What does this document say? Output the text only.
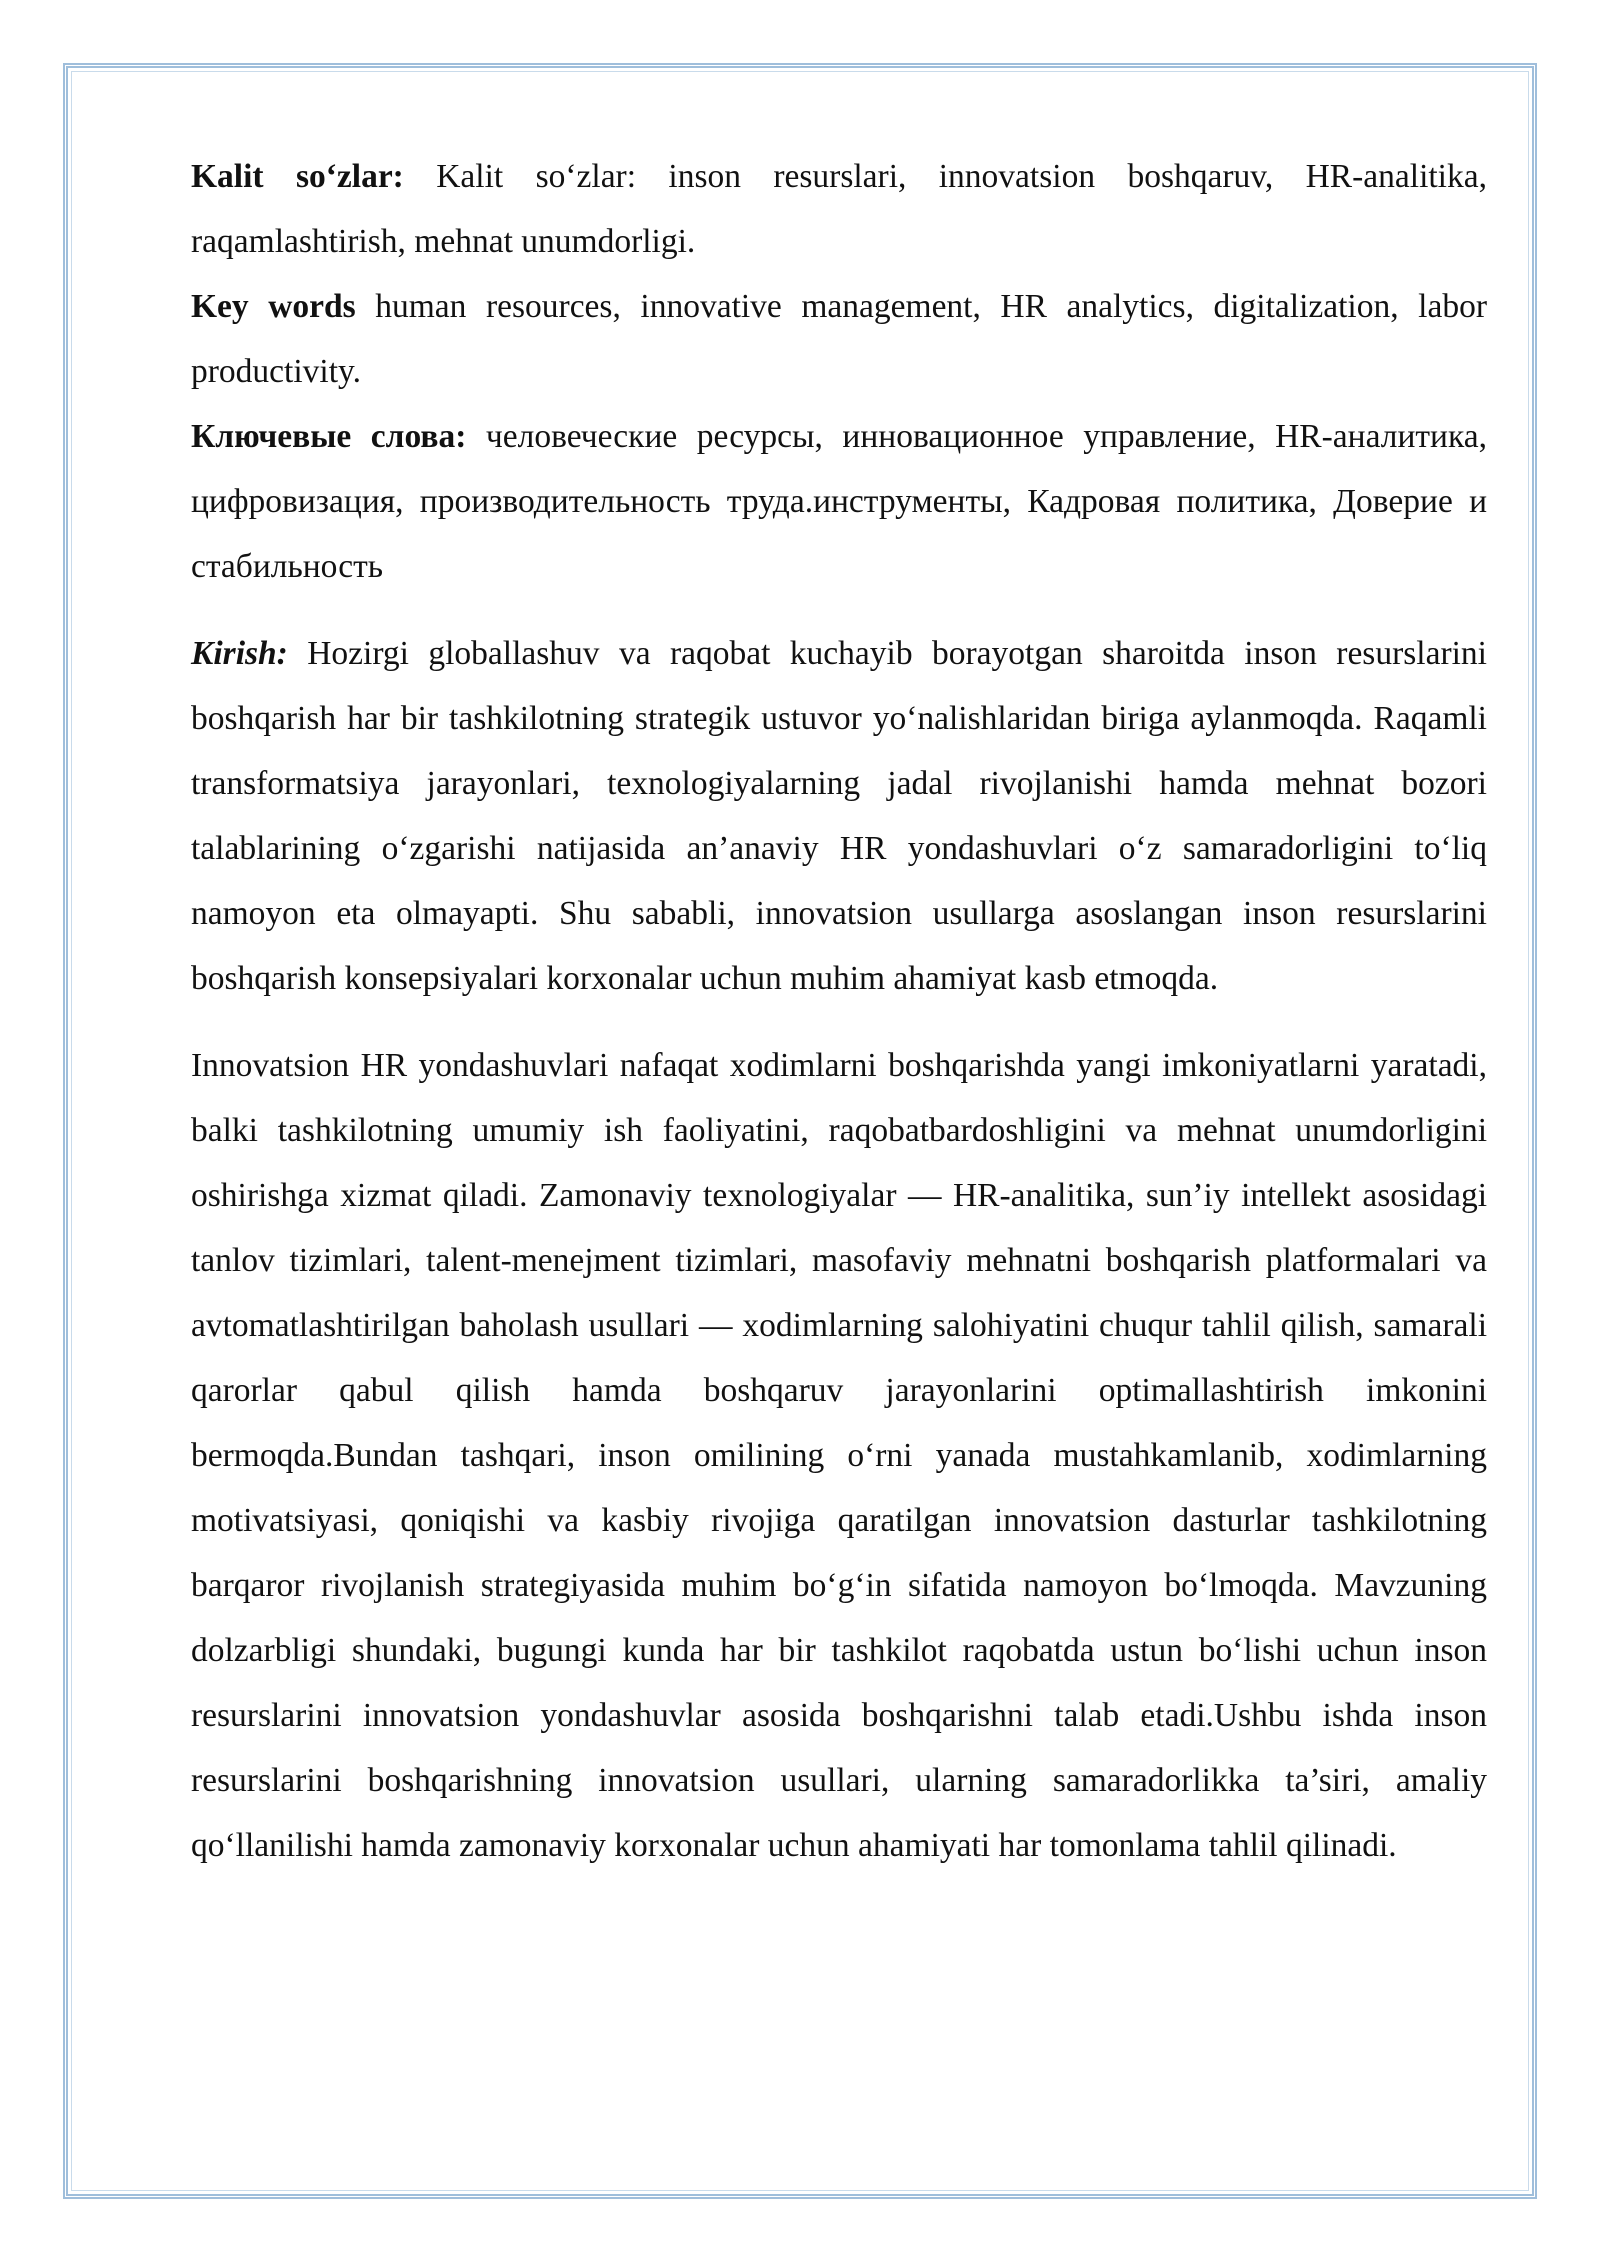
Kalit so‘zlar: Kalit so‘zlar: inson resurslari, innovatsion boshqaruv, HR-analitika, raqamlashtirish, mehnat unumdorligi.

Key words human resources, innovative management, HR analytics, digitalization, labor productivity.

Ключевые слова: человеческие ресурсы, инновационное управление, HR-аналитика, цифровизация, производительность труда.инструменты, Кадровая политика, Доверие и стабильность

Kirish: Hozirgi globallashuv va raqobat kuchayib borayotgan sharoitda inson resurslarini boshqarish har bir tashkilotning strategik ustuvor yo‘nalishlaridan biriga aylanmoqda. Raqamli transformatsiya jarayonlari, texnologiyalarning jadal rivojlanishi hamda mehnat bozori talablarining o‘zgarishi natijasida an’anaviy HR yondashuvlari o‘z samaradorligini to‘liq namoyon eta olmayapti. Shu sababli, innovatsion usullarga asoslangan inson resurslarini boshqarish konsepsiyalari korxonalar uchun muhim ahamiyat kasb etmoqda.

Innovatsion HR yondashuvlari nafaqat xodimlarni boshqarishda yangi imkoniyatlarni yaratadi, balki tashkilotning umumiy ish faoliyatini, raqobatbardoshligini va mehnat unumdorligini oshirishga xizmat qiladi. Zamonaviy texnologiyalar — HR-analitika, sun’iy intellekt asosidagi tanlov tizimlari, talent-menejment tizimlari, masofaviy mehnatni boshqarish platformalari va avtomatlashtirilgan baholash usullari — xodimlarning salohiyatini chuqur tahlil qilish, samarali qarorlar qabul qilish hamda boshqaruv jarayonlarini optimallashtirish imkonini bermoqda.Bundan tashqari, inson omilining o‘rni yanada mustahkamlanib, xodimlarning motivatsiyasi, qoniqishi va kasbiy rivojiga qaratilgan innovatsion dasturlar tashkilotning barqaror rivojlanish strategiyasida muhim bo‘g‘in sifatida namoyon bo‘lmoqda. Mavzuning dolzarbligi shundaki, bugungi kunda har bir tashkilot raqobatda ustun bo‘lishi uchun inson resurslarini innovatsion yondashuvlar asosida boshqarishni talab etadi.Ushbu ishda inson resurslarini boshqarishning innovatsion usullari, ularning samaradorlikka ta’siri, amaliy qo‘llanilishi hamda zamonaviy korxonalar uchun ahamiyati har tomonlama tahlil qilinadi.
